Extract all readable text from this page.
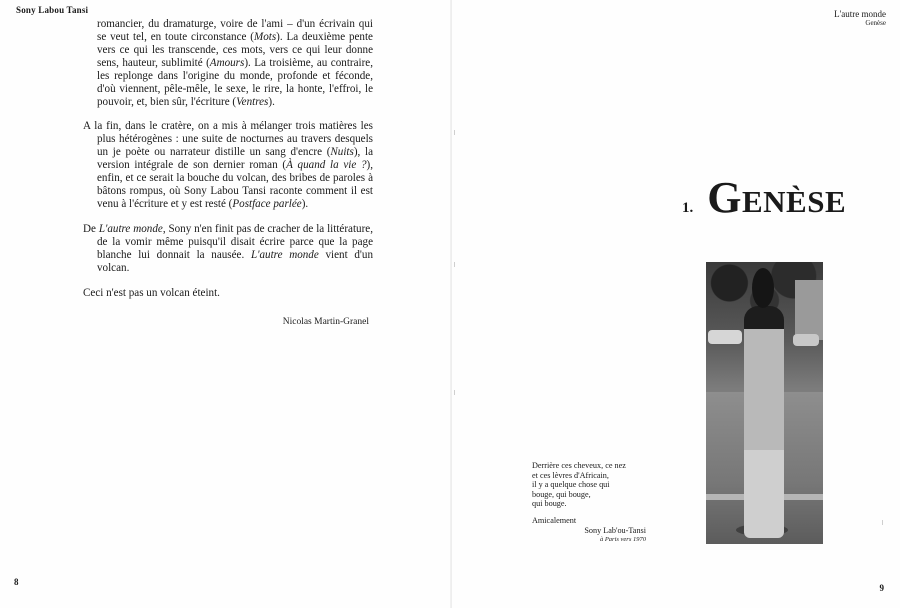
Sony Labou Tansi

romancier, du dramaturge, voire de l'ami – d'un écrivain qui se veut tel, en toute circonstance (Mots). La deuxième pente vers ce qui les transcende, ces mots, vers ce qui leur donne sens, hauteur, sublimité (Amours). La troisième, au contraire, les replonge dans l'origine du monde, profonde et féconde, d'où viennent, pêle-mêle, le sexe, le rire, la honte, l'effroi, le pouvoir, et, bien sûr, l'écriture (Ventres).

A la fin, dans le cratère, on a mis à mélanger trois matières les plus hétérogènes : une suite de nocturnes au travers desquels un je poète ou narrateur distille un sang d'encre (Nuits), la version intégrale de son dernier roman (À quand la vie ?), enfin, et ce serait la bouche du volcan, des bribes de paroles à bâtons rompus, où Sony Labou Tansi raconte comment il est venu à l'écriture et y est resté (Postface parlée).

De L'autre monde, Sony n'en finit pas de cracher de la littérature, de la vomir même puisqu'il disait écrire parce que la page blanche lui donnait la nausée. L'autre monde vient d'un volcan.

Ceci n'est pas un volcan éteint.

Nicolas Martin-Granel
8
L'autre monde
Genèse
1. Genèse
Derrière ces cheveux, ce nez
et ces lèvres d'Africain,
il y a quelque chose qui
bouge, qui bouge,
qui bouge.
Amicalement
Sony Lab'ou-Tansi
à Paris vers 1970
9
